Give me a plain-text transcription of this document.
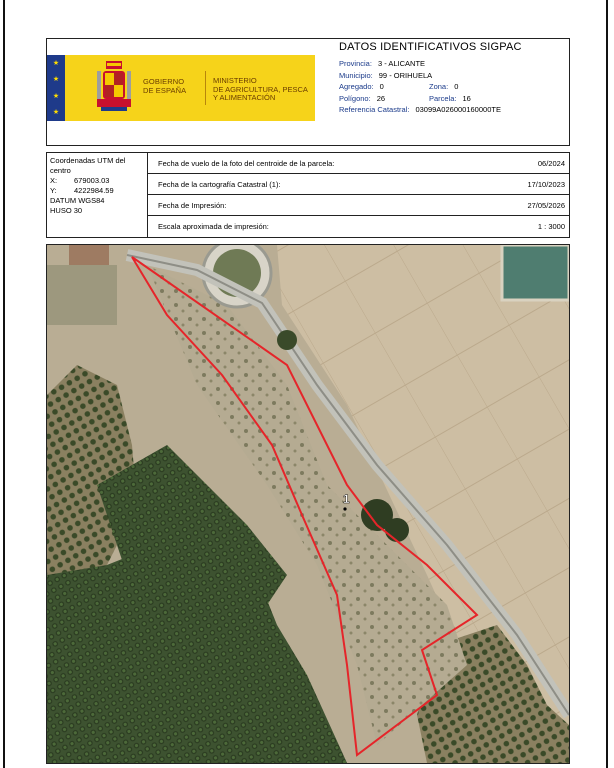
★
★
★
★
GOBIERNO
DE ESPAÑA
MINISTERIO
DE AGRICULTURA, PESCA
Y ALIMENTACIÓN
DATOS IDENTIFICATIVOS SIGPAC
Provincia: 3 - ALICANTE
Municipio: 99 - ORIHUELA
Agregado: 0	Zona: 0
Polígono: 26	Parcela: 16
Referencia Catastral: 03099A026000160000TE
Coordenadas UTM del centro
X:	679003.03
Y:	4222984.59
DATUM WGS84
HUSO 30
Fecha de vuelo de la foto del centroide de la parcela:	06/2024
Fecha de la cartografía Catastral (1):	17/10/2023
Fecha de Impresión:	27/05/2026
Escala aproximada de impresión:	1 : 3000
1
